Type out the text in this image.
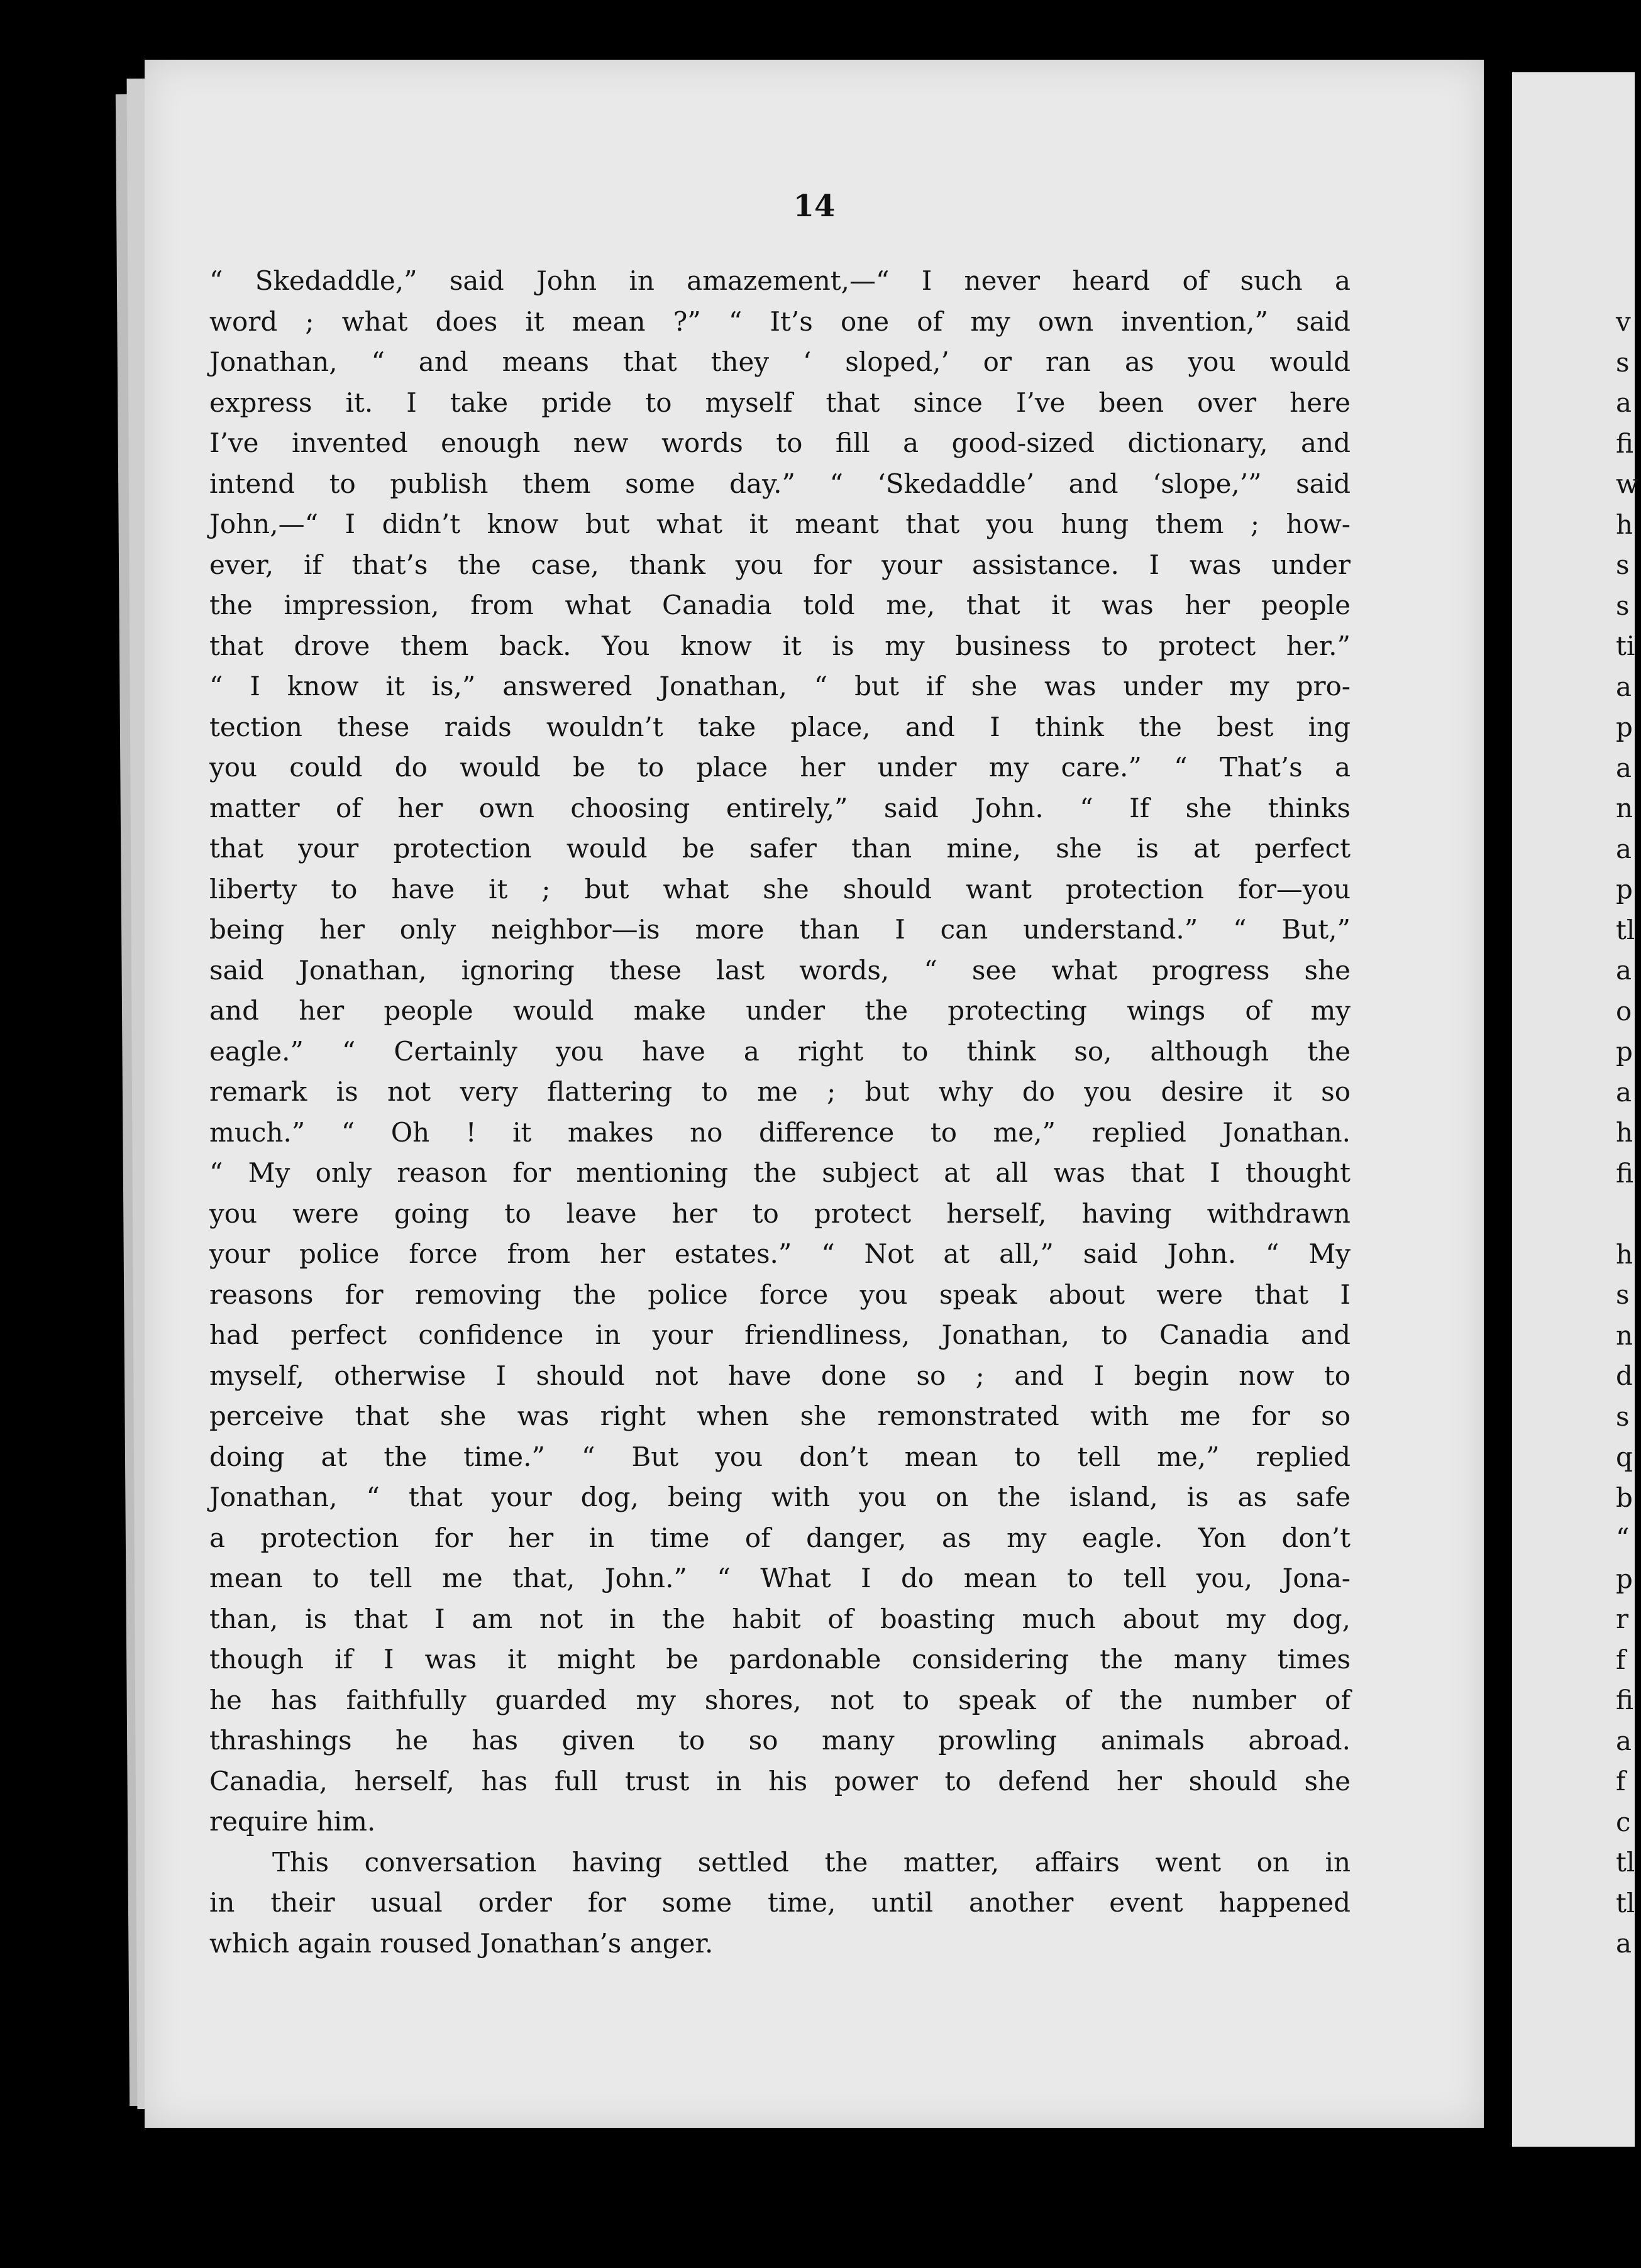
14

“ Skedaddle,” said John in amazement,—“ I never heard of such a
word ; what does it mean ?” “ It’s one of my own invention,” said
Jonathan, “ and means that they ‘ sloped,’ or ran as you would
express it. I take pride to myself that since I’ve been over here
I’ve invented enough new words to fill a good-sized dictionary, and
intend to publish them some day.” “ ‘Skedaddle’ and ‘slope,’” said
John,—“ I didn’t know but what it meant that you hung them ; how-
ever, if that’s the case, thank you for your assistance. I was under
the impression, from what Canadia told me, that it was her people
that drove them back. You know it is my business to protect her.”
“ I know it is,” answered Jonathan, “ but if she was under my pro-
tection these raids wouldn’t take place, and I think the best ing
you could do would be to place her under my care.” “ That’s a
matter of her own choosing entirely,” said John. “ If she thinks
that your protection would be safer than mine, she is at perfect
liberty to have it ; but what she should want protection for—you
being her only neighbor—is more than I can understand.” “ But,”
said Jonathan, ignoring these last words, “ see what progress she
and her people would make under the protecting wings of my
eagle.” “ Certainly you have a right to think so, although the
remark is not very flattering to me ; but why do you desire it so
much.” “ Oh ! it makes no difference to me,” replied Jonathan.
“ My only reason for mentioning the subject at all was that I thought
you were going to leave her to protect herself, having withdrawn
your police force from her estates.” “ Not at all,” said John. “ My
reasons for removing the police force you speak about were that I
had perfect confidence in your friendliness, Jonathan, to Canadia and
myself, otherwise I should not have done so ; and I begin now to
perceive that she was right when she remonstrated with me for so
doing at the time.” “ But you don’t mean to tell me,” replied
Jonathan, “ that your dog, being with you on the island, is as safe
a protection for her in time of danger, as my eagle. Yon don’t
mean to tell me that, John.” “ What I do mean to tell you, Jona-
than, is that I am not in the habit of boasting much about my dog,
though if I was it might be pardonable considering the many times
he has faithfully guarded my shores, not to speak of the number of
thrashings he has given to so many prowling animals abroad.
Canadia, herself, has full trust in his power to defend her should she
require him.
This conversation having settled the matter, affairs went on in
in their usual order for some time, until another event happened
which again roused Jonathan’s anger.
v
s
a
fi
w
h
s
s
ti
a
p
a
n
a
p
tl
a
o
p
a
h
fi
h
s
n
d
s
q
b
“
p
r
f
fi
a
f
c
tl
tl
a
